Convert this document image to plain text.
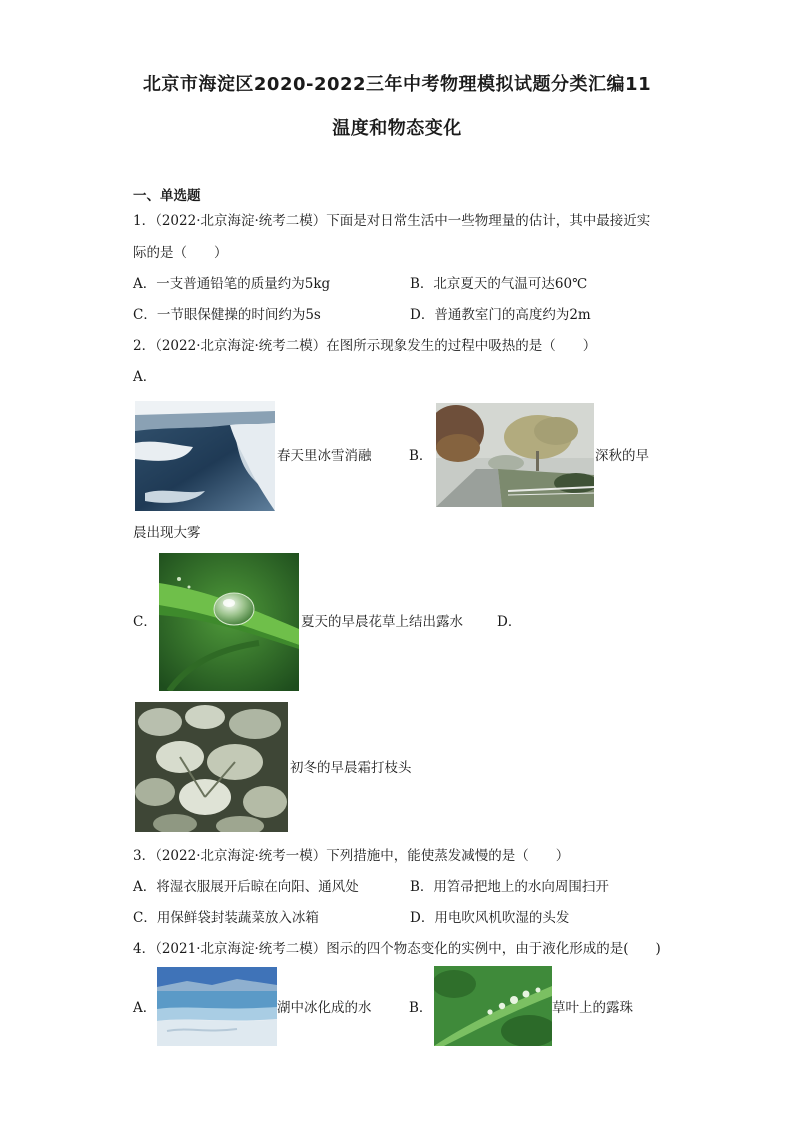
北京市海淀区2020-2022三年中考物理模拟试题分类汇编11
温度和物态变化
一、单选题
1．（2022·北京海淀·统考二模）下面是对日常生活中一些物理量的估计，其中最接近实
际的是（　　）
A．一支普通铅笔的质量约为5kg	B．北京夏天的气温可达60℃
C．一节眼保健操的时间约为5s	D．普通教室门的高度约为2m
2．（2022·北京海淀·统考二模）在图所示现象发生的过程中吸热的是（　　）
A．
春天里冰雪消融	B．	深秋的早
晨出现大雾
C．	夏天的早晨花草上结出露水	D．
初冬的早晨霜打枝头
3．（2022·北京海淀·统考一模）下列措施中，能使蒸发减慢的是（　　）
A．将湿衣服展开后晾在向阳、通风处	B．用笤帚把地上的水向周围扫开
C．用保鲜袋封装蔬菜放入冰箱	D．用电吹风机吹湿的头发
4．（2021·北京海淀·统考二模）图示的四个物态变化的实例中，由于液化形成的是(　　)
A．	湖中冰化成的水	B．	草叶上的露珠
